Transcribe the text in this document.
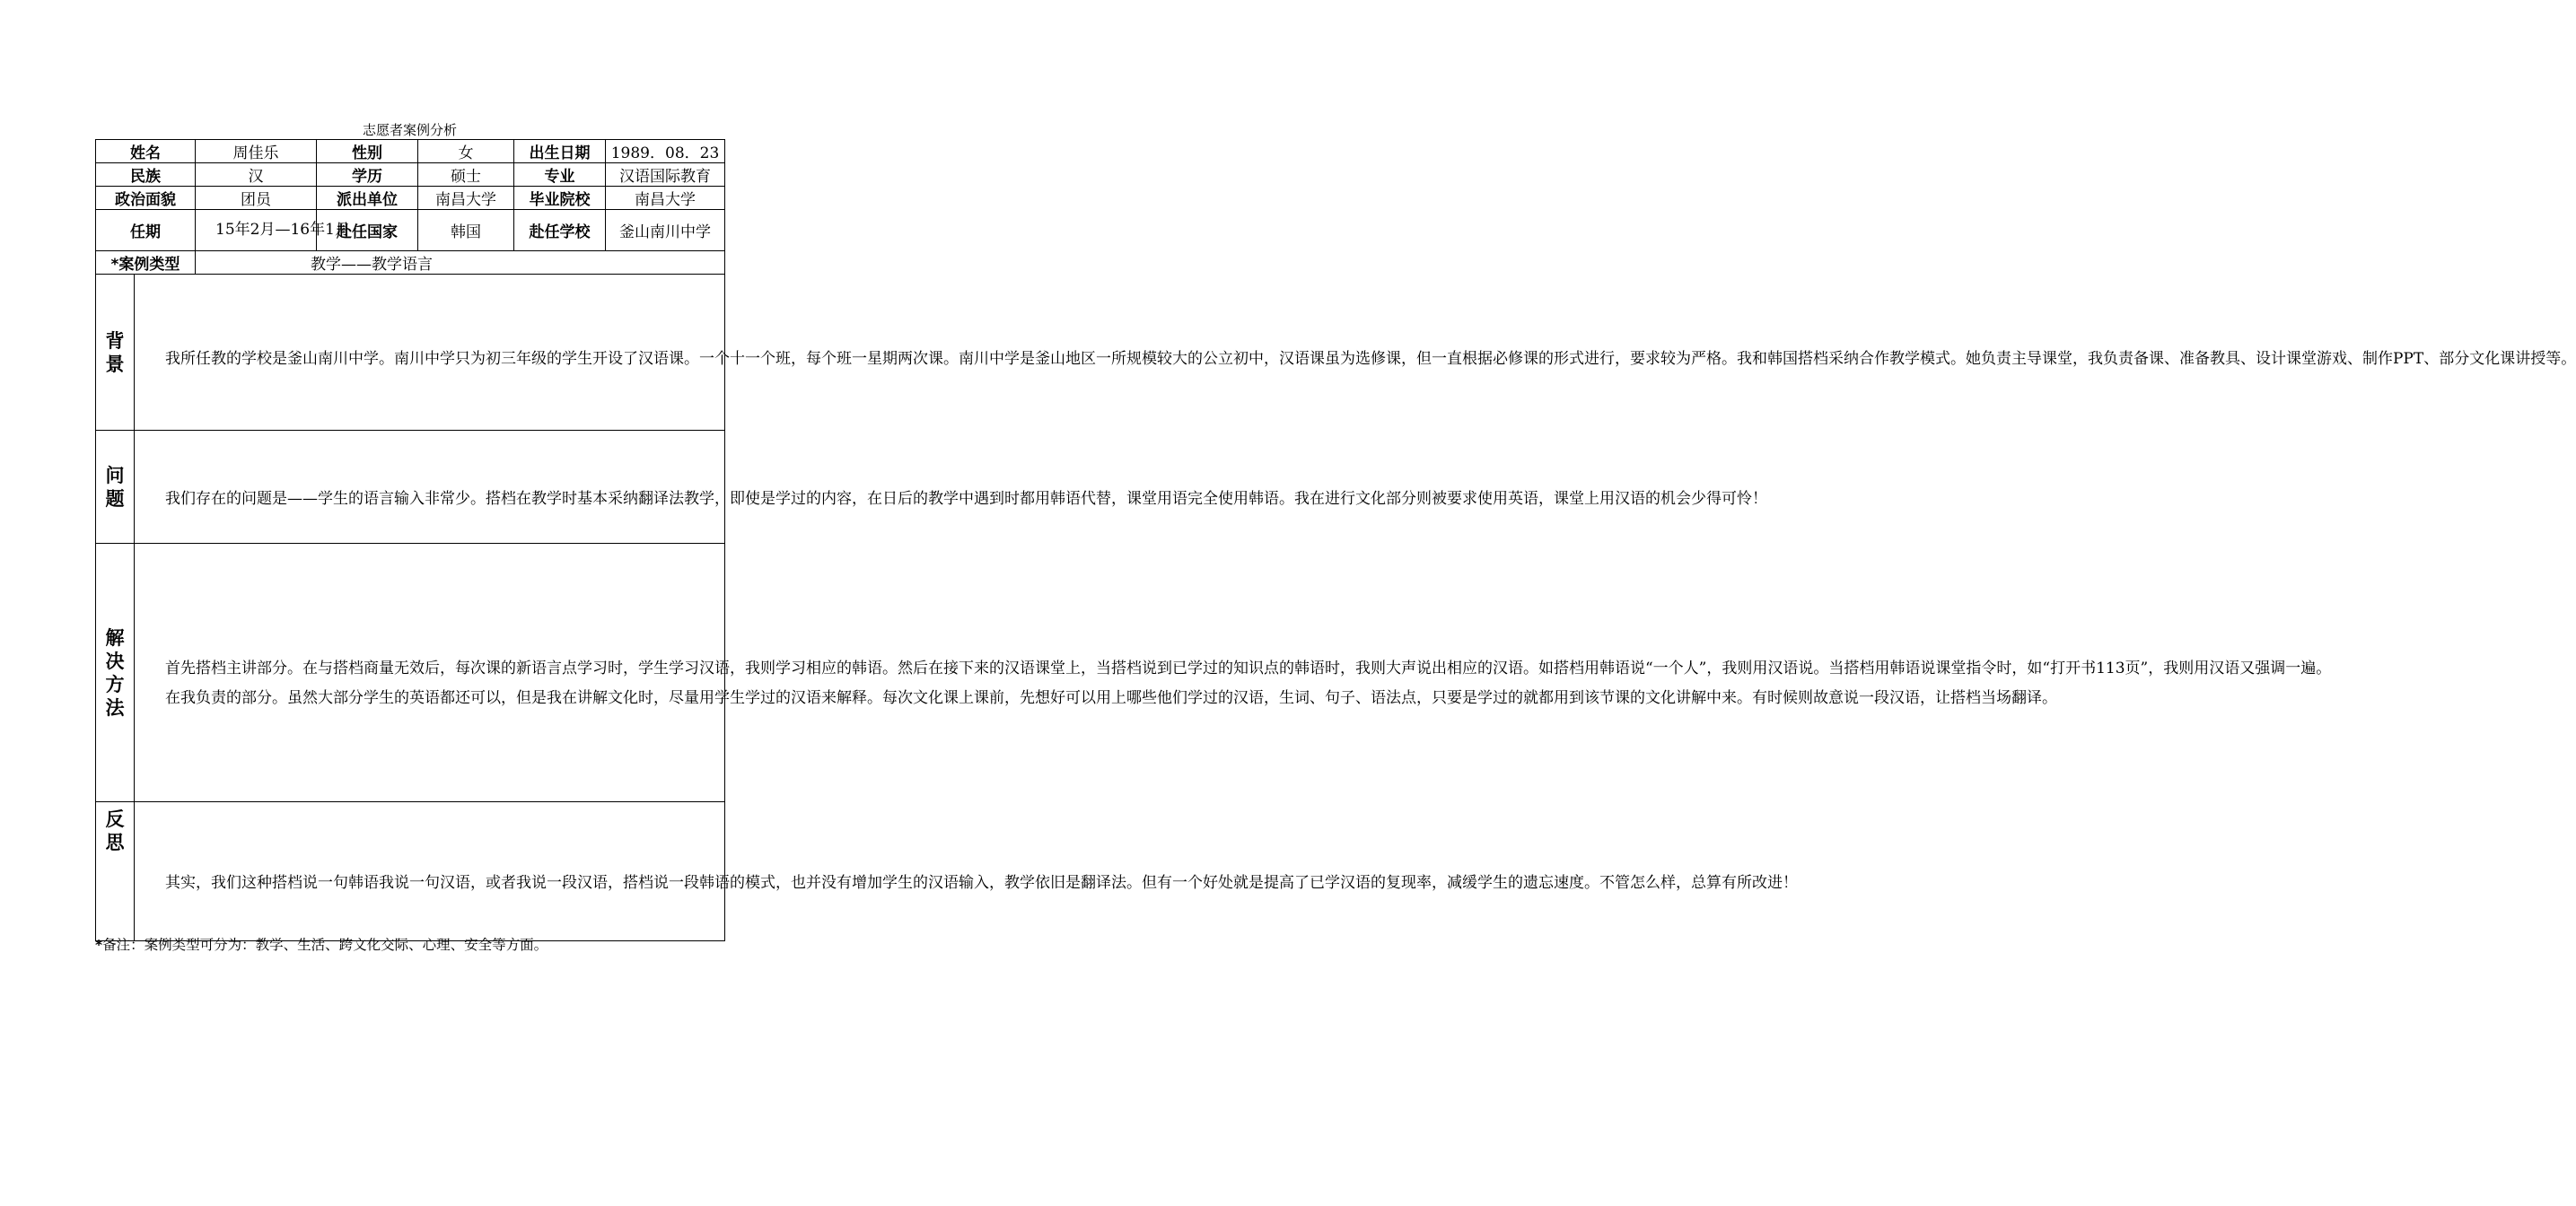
志愿者案例分析
姓名		周佳乐	性别	女	出生日期	1989．08．23
民族		汉	学历	硕士	专业	汉语国际教育
政治面貌		团员	派出单位	南昌大学	毕业院校	南昌大学
任期		15年2月—16年1月	赴任国家	韩国	赴任学校	釜山南川中学
*案例类型		教学——教学语言				

背景	我所任教的学校是釜山南川中学。南川中学只为初三年级的学生开设了汉语课。一个十一个班，每个班一星期两次课。南川中学是釜山地区一所规模较大的公立初中，汉语课虽为选修课，但一直根据必修课的形式进行，要求较为严格。我和韩国搭档采纳合作教学模式。她负责主导课堂，我负责备课、准备教具、设计课堂游戏、制作PPT、部分文化课讲授等。					

问题	我们存在的问题是——学生的语言输入非常少。搭档在教学时基本采纳翻译法教学，即使是学过的内容，在日后的教学中遇到时都用韩语代替，课堂用语完全使用韩语。我在进行文化部分则被要求使用英语，课堂上用汉语的机会少得可怜！					

解决方法	首先搭档主讲部分。在与搭档商量无效后，每次课的新语言点学习时，学生学习汉语，我则学习相应的韩语。然后在接下来的汉语课堂上，当搭档说到已学过的知识点的韩语时，我则大声说出相应的汉语。如搭档用韩语说“一个人”，我则用汉语说。当搭档用韩语说课堂指令时，如“打开书113页”，我则用汉语又强调一遍。

在我负责的部分。虽然大部分学生的英语都还可以，但是我在讲解文化时，尽量用学生学过的汉语来解释。每次文化课上课前，先想好可以用上哪些他们学过的汉语，生词、句子、语法点，只要是学过的就都用到该节课的文化讲解中来。有时候则故意说一段汉语，让搭档当场翻译。					

反思	其实，我们这种搭档说一句韩语我说一句汉语，或者我说一段汉语，搭档说一段韩语的模式，也并没有增加学生的汉语输入，教学依旧是翻译法。但有一个好处就是提高了已学汉语的复现率，减缓学生的遗忘速度。不管怎么样，总算有所改进！					

*备注：案例类型可分为：教学、生活、跨文化交际、心理、安全等方面。
